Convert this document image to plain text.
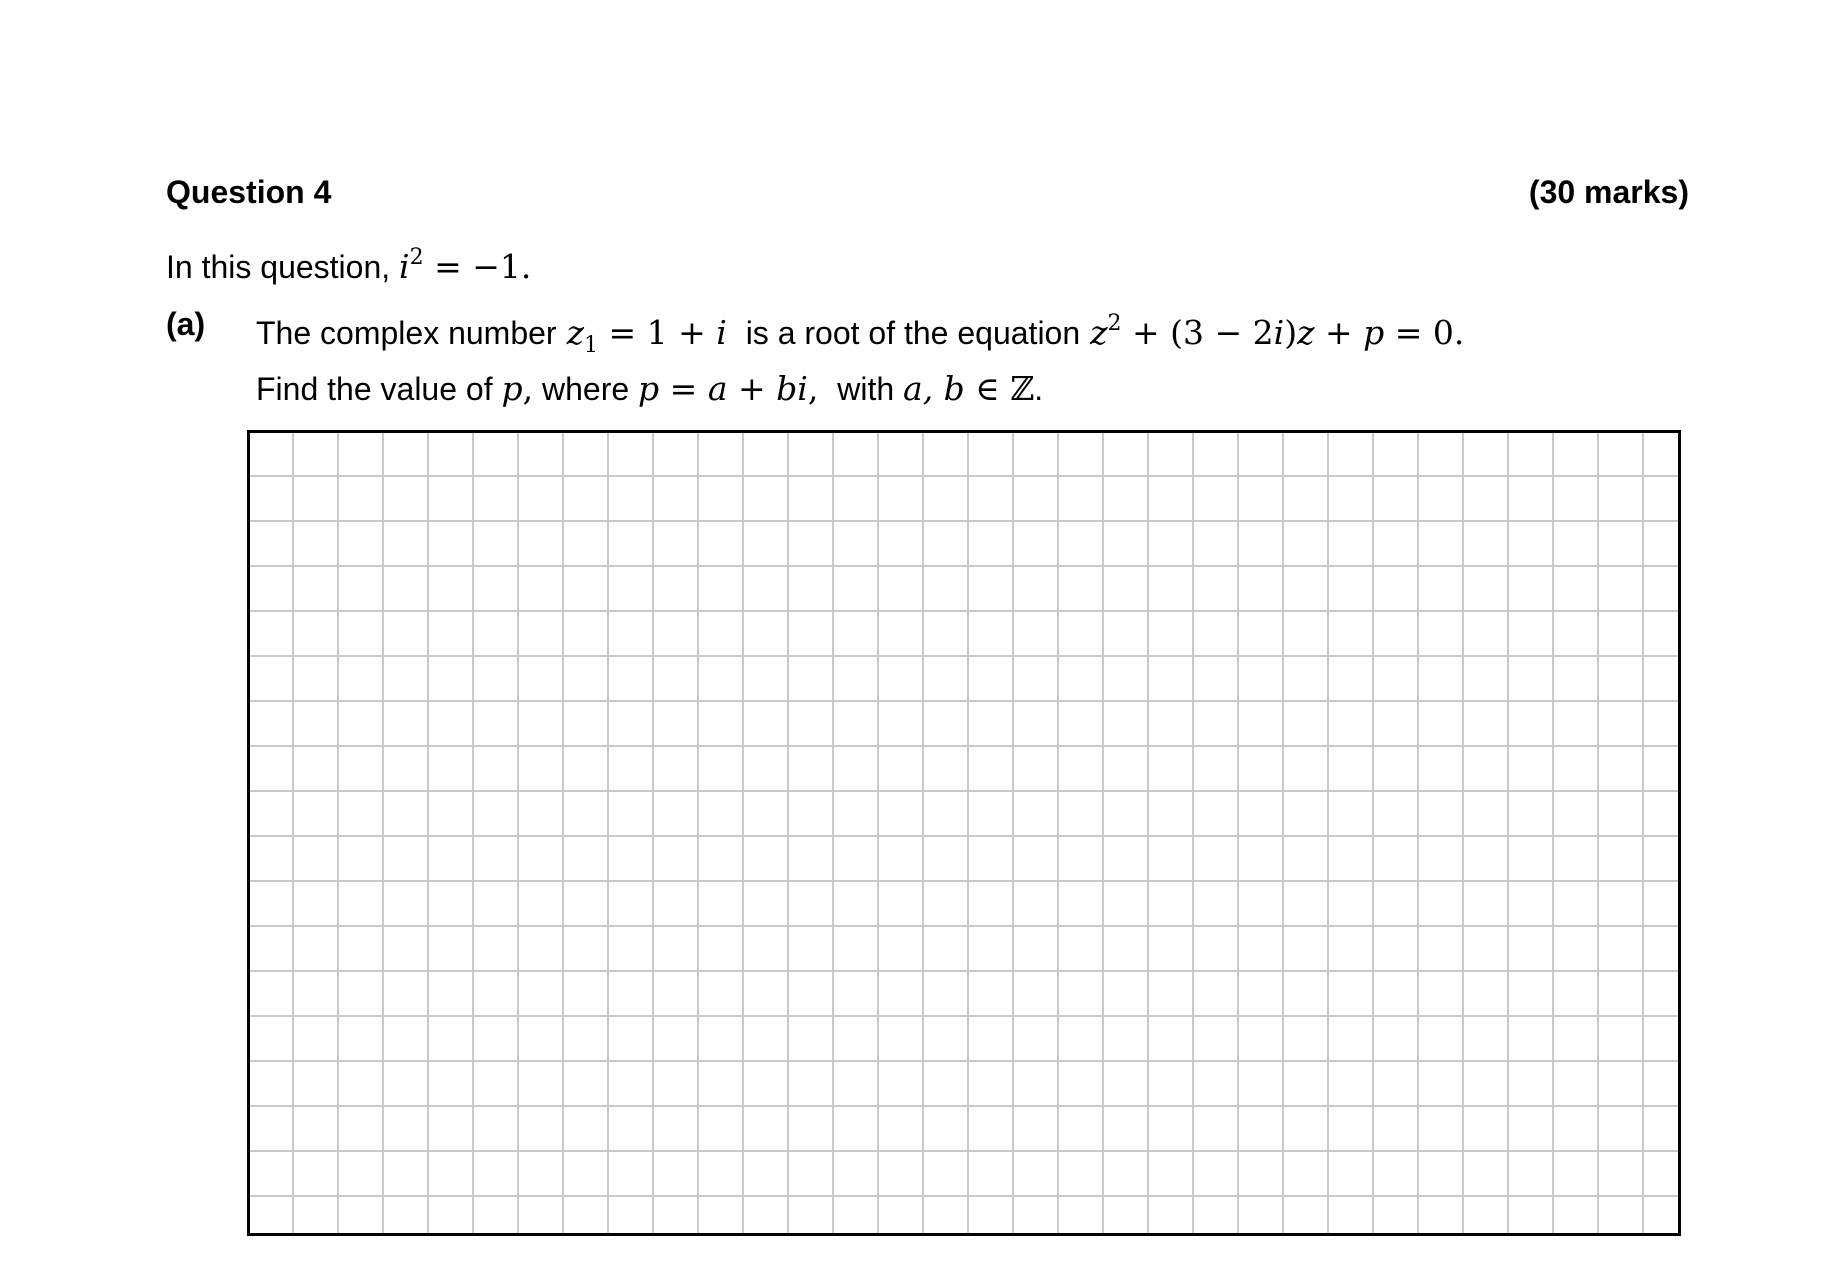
Question 4	(30 marks)
In this question, $i^2 = -1$.
(a) The complex number $z_1 = 1 + i$ is a root of the equation $z^2 + (3 - 2i)z + p = 0$.
Find the value of p, where p = a + bi, with a, b ∈ ℤ.
